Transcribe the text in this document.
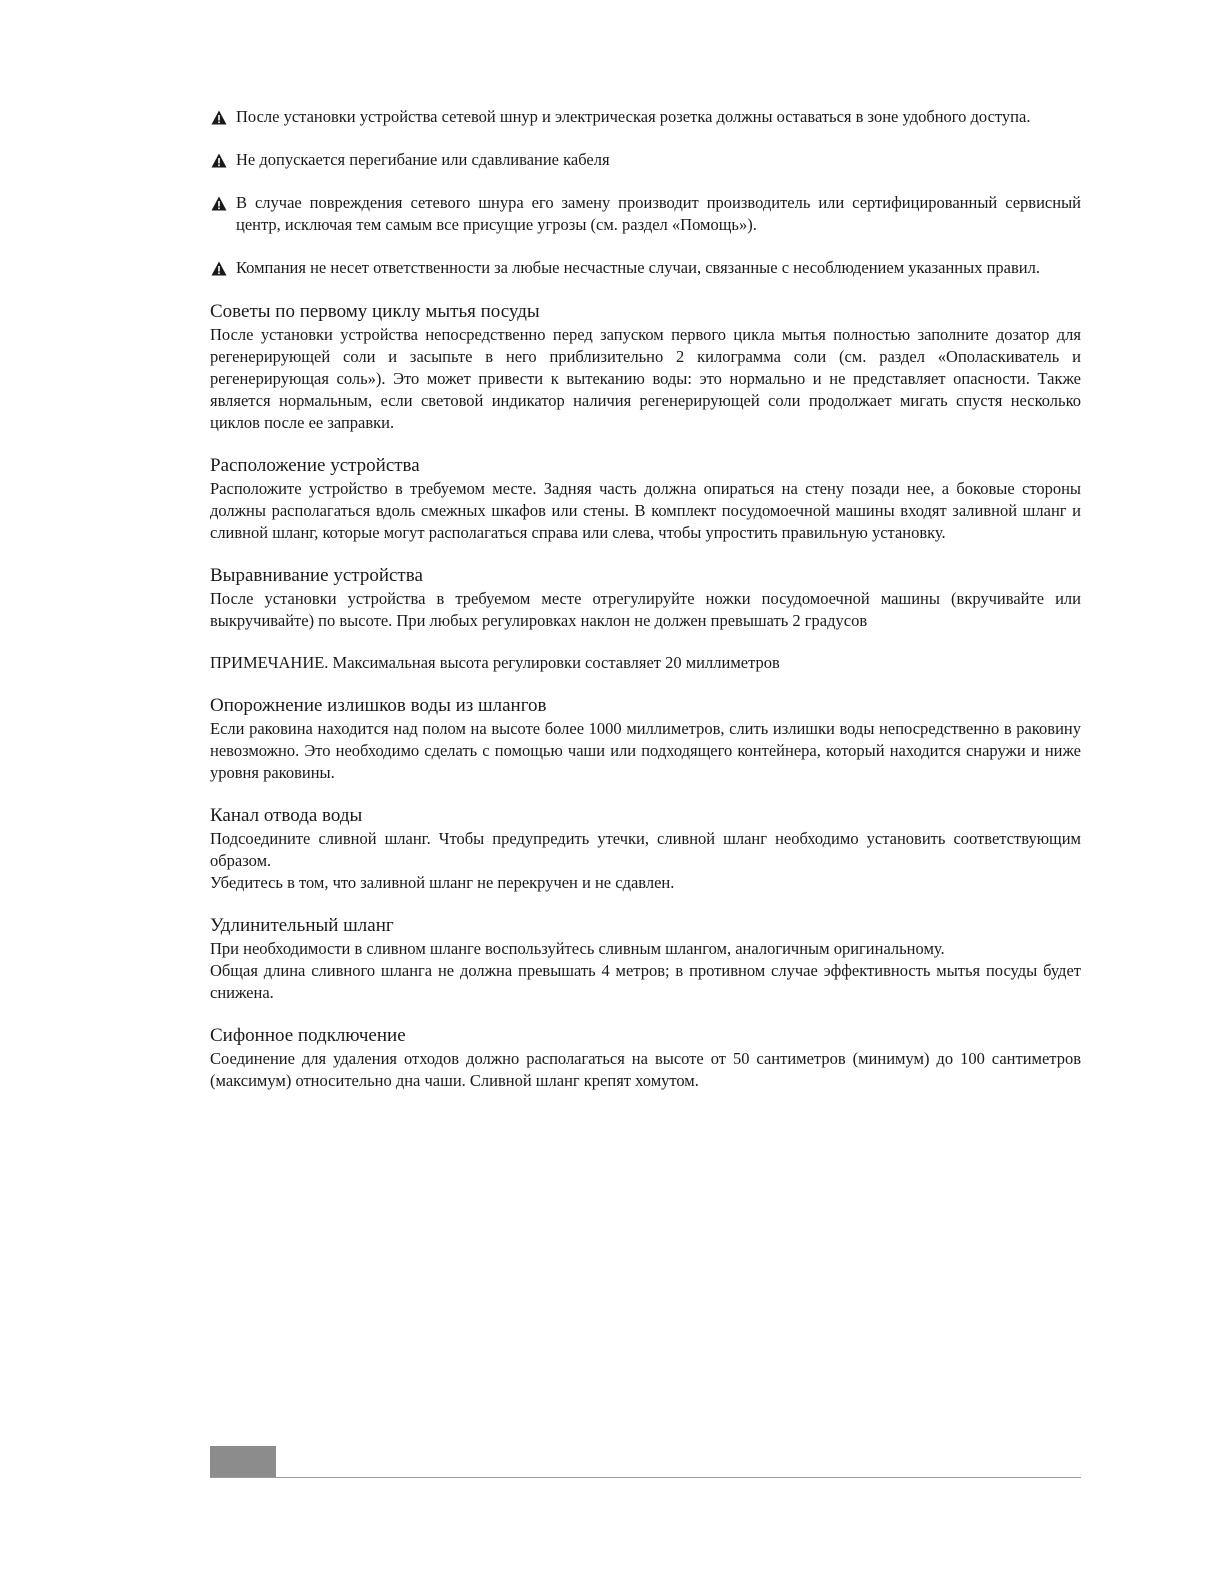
После установки устройства сетевой шнур и электрическая розетка должны оставаться в зоне удобного доступа.
Не допускается перегибание или сдавливание кабеля
В случае повреждения сетевого шнура его замену производит производитель или сертифицированный сервисный центр, исключая тем самым все присущие угрозы (см. раздел «Помощь»).
Компания не несет ответственности за любые несчастные случаи, связанные с несоблюдением указанных правил.
Советы по первому циклу мытья посуды

После установки устройства непосредственно перед запуском первого цикла мытья полностью заполните дозатор для регенерирующей соли и засыпьте в него приблизительно 2 килограмма соли (см. раздел «Ополаскиватель и регенерирующая соль»). Это может привести к вытеканию воды: это нормально и не представляет опасности. Также является нормальным, если световой индикатор наличия регенерирующей соли продолжает мигать спустя несколько циклов после ее заправки.

Расположение устройства

Расположите устройство в требуемом месте. Задняя часть должна опираться на стену позади нее, а боковые стороны должны располагаться вдоль смежных шкафов или стены. В комплект посудомоечной машины входят заливной шланг и сливной шланг, которые могут располагаться справа или слева, чтобы упростить правильную установку.

Выравнивание устройства

После установки устройства в требуемом месте отрегулируйте ножки посудомоечной машины (вкручивайте или выкручивайте) по высоте. При любых регулировках наклон не должен превышать 2 градусов

ПРИМЕЧАНИЕ. Максимальная высота регулировки составляет 20 миллиметров

Опорожнение излишков воды из шлангов

Если раковина находится над полом на высоте более 1000 миллиметров, слить излишки воды непосредственно в раковину невозможно. Это необходимо сделать с помощью чаши или подходящего контейнера, который находится снаружи и ниже уровня раковины.

Канал отвода воды

Подсоедините сливной шланг. Чтобы предупредить утечки, сливной шланг необходимо установить соответствующим образом.

Убедитесь в том, что заливной шланг не перекручен и не сдавлен.

Удлинительный шланг

При необходимости в сливном шланге воспользуйтесь сливным шлангом, аналогичным оригинальному.

Общая длина сливного шланга не должна превышать 4 метров; в противном случае эффективность мытья посуды будет снижена.

Сифонное подключение

Соединение для удаления отходов должно располагаться на высоте от 50 сантиметров (минимум) до 100 сантиметров (максимум) относительно дна чаши. Сливной шланг крепят хомутом.
